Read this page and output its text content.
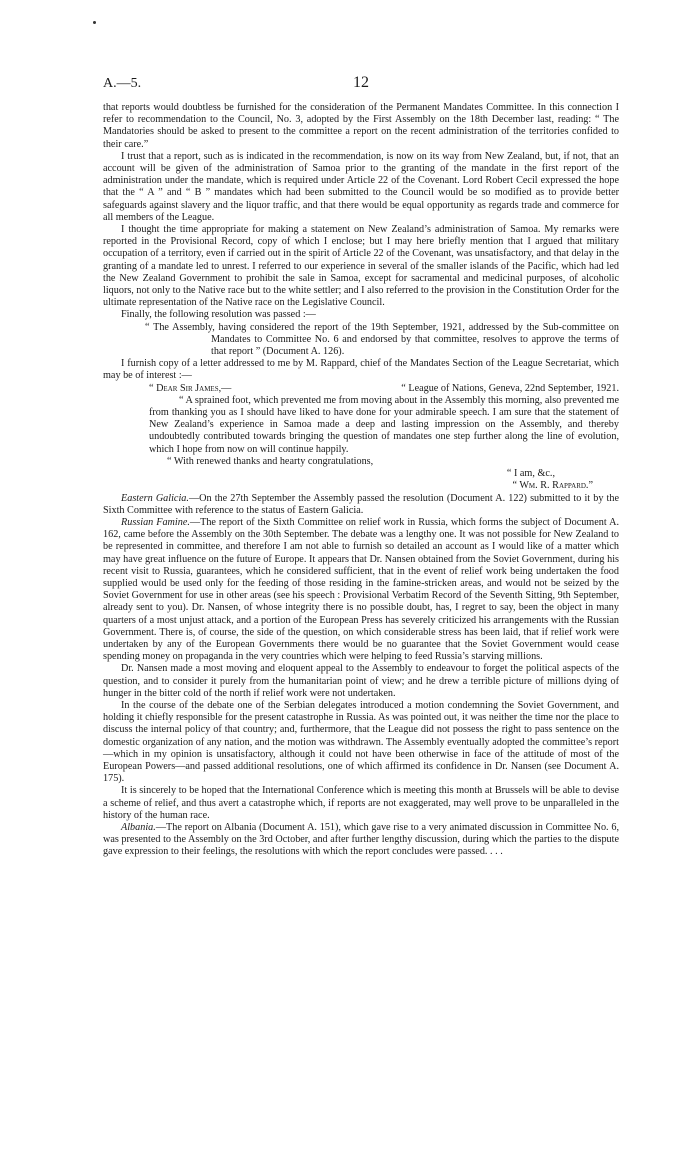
A.—5.	12

that reports would doubtless be furnished for the consideration of the Permanent Mandates Committee. In this connection I refer to recommendation to the Council, No. 3, adopted by the First Assembly on the 18th December last, reading: “ The Mandatories should be asked to present to the committee a report on the recent administration of the territories confided to their care.”

I trust that a report, such as is indicated in the recommendation, is now on its way from New Zealand, but, if not, that an account will be given of the administration of Samoa prior to the granting of the mandate in the first report of the administration under the mandate, which is required under Article 22 of the Covenant. Lord Robert Cecil expressed the hope that the “ A ” and “ B ” mandates which had been submitted to the Council would be so modified as to provide better safeguards against slavery and the liquor traffic, and that there would be equal opportunity as regards trade and commerce for all members of the League.

I thought the time appropriate for making a statement on New Zealand’s administration of Samoa. My remarks were reported in the Provisional Record, copy of which I enclose; but I may here briefly mention that I argued that military occupation of a territory, even if carried out in the spirit of Article 22 of the Covenant, was unsatisfactory, and that delay in the granting of a mandate led to unrest. I referred to our experience in several of the smaller islands of the Pacific, which had led the New Zealand Government to prohibit the sale in Samoa, except for sacramental and medicinal purposes, of alcoholic liquors, not only to the Native race but to the white settler; and I also referred to the provision in the Constitution Order for the ultimate representation of the Native race on the Legislative Council.

Finally, the following resolution was passed :—

“ The Assembly, having considered the report of the 19th September, 1921, addressed by the Sub-committee on Mandates to Committee No. 6 and endorsed by that committee, resolves to approve the terms of that report ” (Document A. 126).

I furnish copy of a letter addressed to me by M. Rappard, chief of the Mandates Section of the League Secretariat, which may be of interest :—

“ Dear Sir James,—	“ League of Nations, Geneva, 22nd September, 1921.

“ A sprained foot, which prevented me from moving about in the Assembly this morning, also prevented me from thanking you as I should have liked to have done for your admirable speech. I am sure that the statement of New Zealand’s experience in Samoa made a deep and lasting impression on the Assembly, and thereby undoubtedly contributed towards bringing the question of mandates one step further along the line of evolution, which I hope from now on will continue happily.

“ With renewed thanks and hearty congratulations,

“ I am, &c.,

“ Wm. R. Rappard.”

Eastern Galicia.—On the 27th September the Assembly passed the resolution (Document A. 122) submitted to it by the Sixth Committee with reference to the status of Eastern Galicia.

Russian Famine.—The report of the Sixth Committee on relief work in Russia, which forms the subject of Document A. 162, came before the Assembly on the 30th September. The debate was a lengthy one. It was not possible for New Zealand to be represented in committee, and therefore I am not able to furnish so detailed an account as I would like of a matter which may have great influence on the future of Europe. It appears that Dr. Nansen obtained from the Soviet Government, during his recent visit to Russia, guarantees, which he considered sufficient, that in the event of relief work being undertaken the food supplied would be used only for the feeding of those residing in the famine-stricken areas, and would not be seized by the Soviet Government for use in other areas (see his speech : Provisional Verbatim Record of the Seventh Sitting, 9th September, already sent to you). Dr. Nansen, of whose integrity there is no possible doubt, has, I regret to say, been the object in many quarters of a most unjust attack, and a portion of the European Press has severely criticized his arrangements with the Russian Government. There is, of course, the side of the question, on which considerable stress has been laid, that if relief work were undertaken by any of the European Governments there would be no guarantee that the Soviet Government would cease spending money on propaganda in the very countries which were helping to feed Russia’s starving millions.

Dr. Nansen made a most moving and eloquent appeal to the Assembly to endeavour to forget the political aspects of the question, and to consider it purely from the humanitarian point of view; and he drew a terrible picture of millions dying of hunger in the bitter cold of the north if relief work were not undertaken.

In the course of the debate one of the Serbian delegates introduced a motion condemning the Soviet Government, and holding it chiefly responsible for the present catastrophe in Russia. As was pointed out, it was neither the time nor the place to discuss the internal policy of that country; and, furthermore, that the League did not possess the right to pass sentence on the domestic organization of any nation, and the motion was withdrawn. The Assembly eventually adopted the committee’s report—which in my opinion is unsatisfactory, although it could not have been otherwise in face of the attitude of most of the European Powers—and passed additional resolutions, one of which affirmed its confidence in Dr. Nansen (see Document A. 175).

It is sincerely to be hoped that the International Conference which is meeting this month at Brussels will be able to devise a scheme of relief, and thus avert a catastrophe which, if reports are not exaggerated, may well prove to be unparalleled in the history of the human race.

Albania.—The report on Albania (Document A. 151), which gave rise to a very animated discussion in Committee No. 6, was presented to the Assembly on the 3rd October, and after further lengthy discussion, during which the parties to the dispute gave expression to their feelings, the resolutions with which the report concludes were passed. . . .
